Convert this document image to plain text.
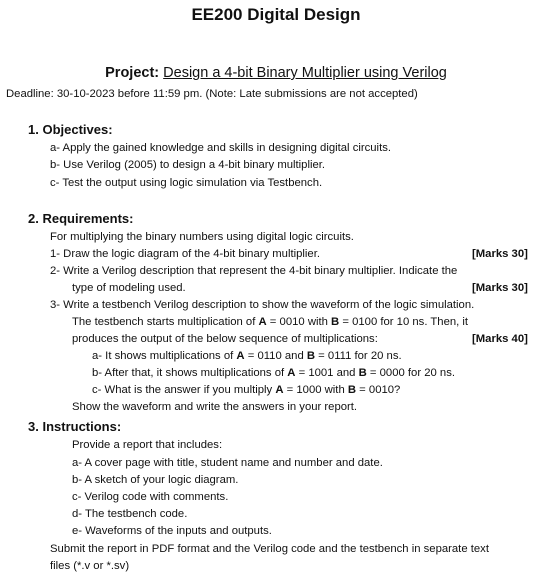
EE200 Digital Design
Project: Design a 4-bit Binary Multiplier using Verilog
Deadline: 30-10-2023 before 11:59 pm. (Note: Late submissions are not accepted)
1. Objectives:
a- Apply the gained knowledge and skills in designing digital circuits.
b- Use Verilog (2005) to design a 4-bit binary multiplier.
c- Test the output using logic simulation via Testbench.
2. Requirements:
For multiplying the binary numbers using digital logic circuits.
1- Draw the logic diagram of the 4-bit binary multiplier.	[Marks 30]
2- Write a Verilog description that represent the 4-bit binary multiplier. Indicate the
type of modeling used.	[Marks 30]
3- Write a testbench Verilog description to show the waveform of the logic simulation.
The testbench starts multiplication of A = 0010 with B = 0100 for 10 ns. Then, it
produces the output of the below sequence of multiplications:	[Marks 40]
a- It shows multiplications of A = 0110 and B = 0111 for 20 ns.
b- After that, it shows multiplications of A = 1001 and B = 0000 for 20 ns.
c- What is the answer if you multiply A = 1000 with B = 0010?
Show the waveform and write the answers in your report.
3. Instructions:
Provide a report that includes:
a- A cover page with title, student name and number and date.
b- A sketch of your logic diagram.
c- Verilog code with comments.
d- The testbench code.
e- Waveforms of the inputs and outputs.
Submit the report in PDF format and the Verilog code and the testbench in separate text
files (*.v or *.sv)
